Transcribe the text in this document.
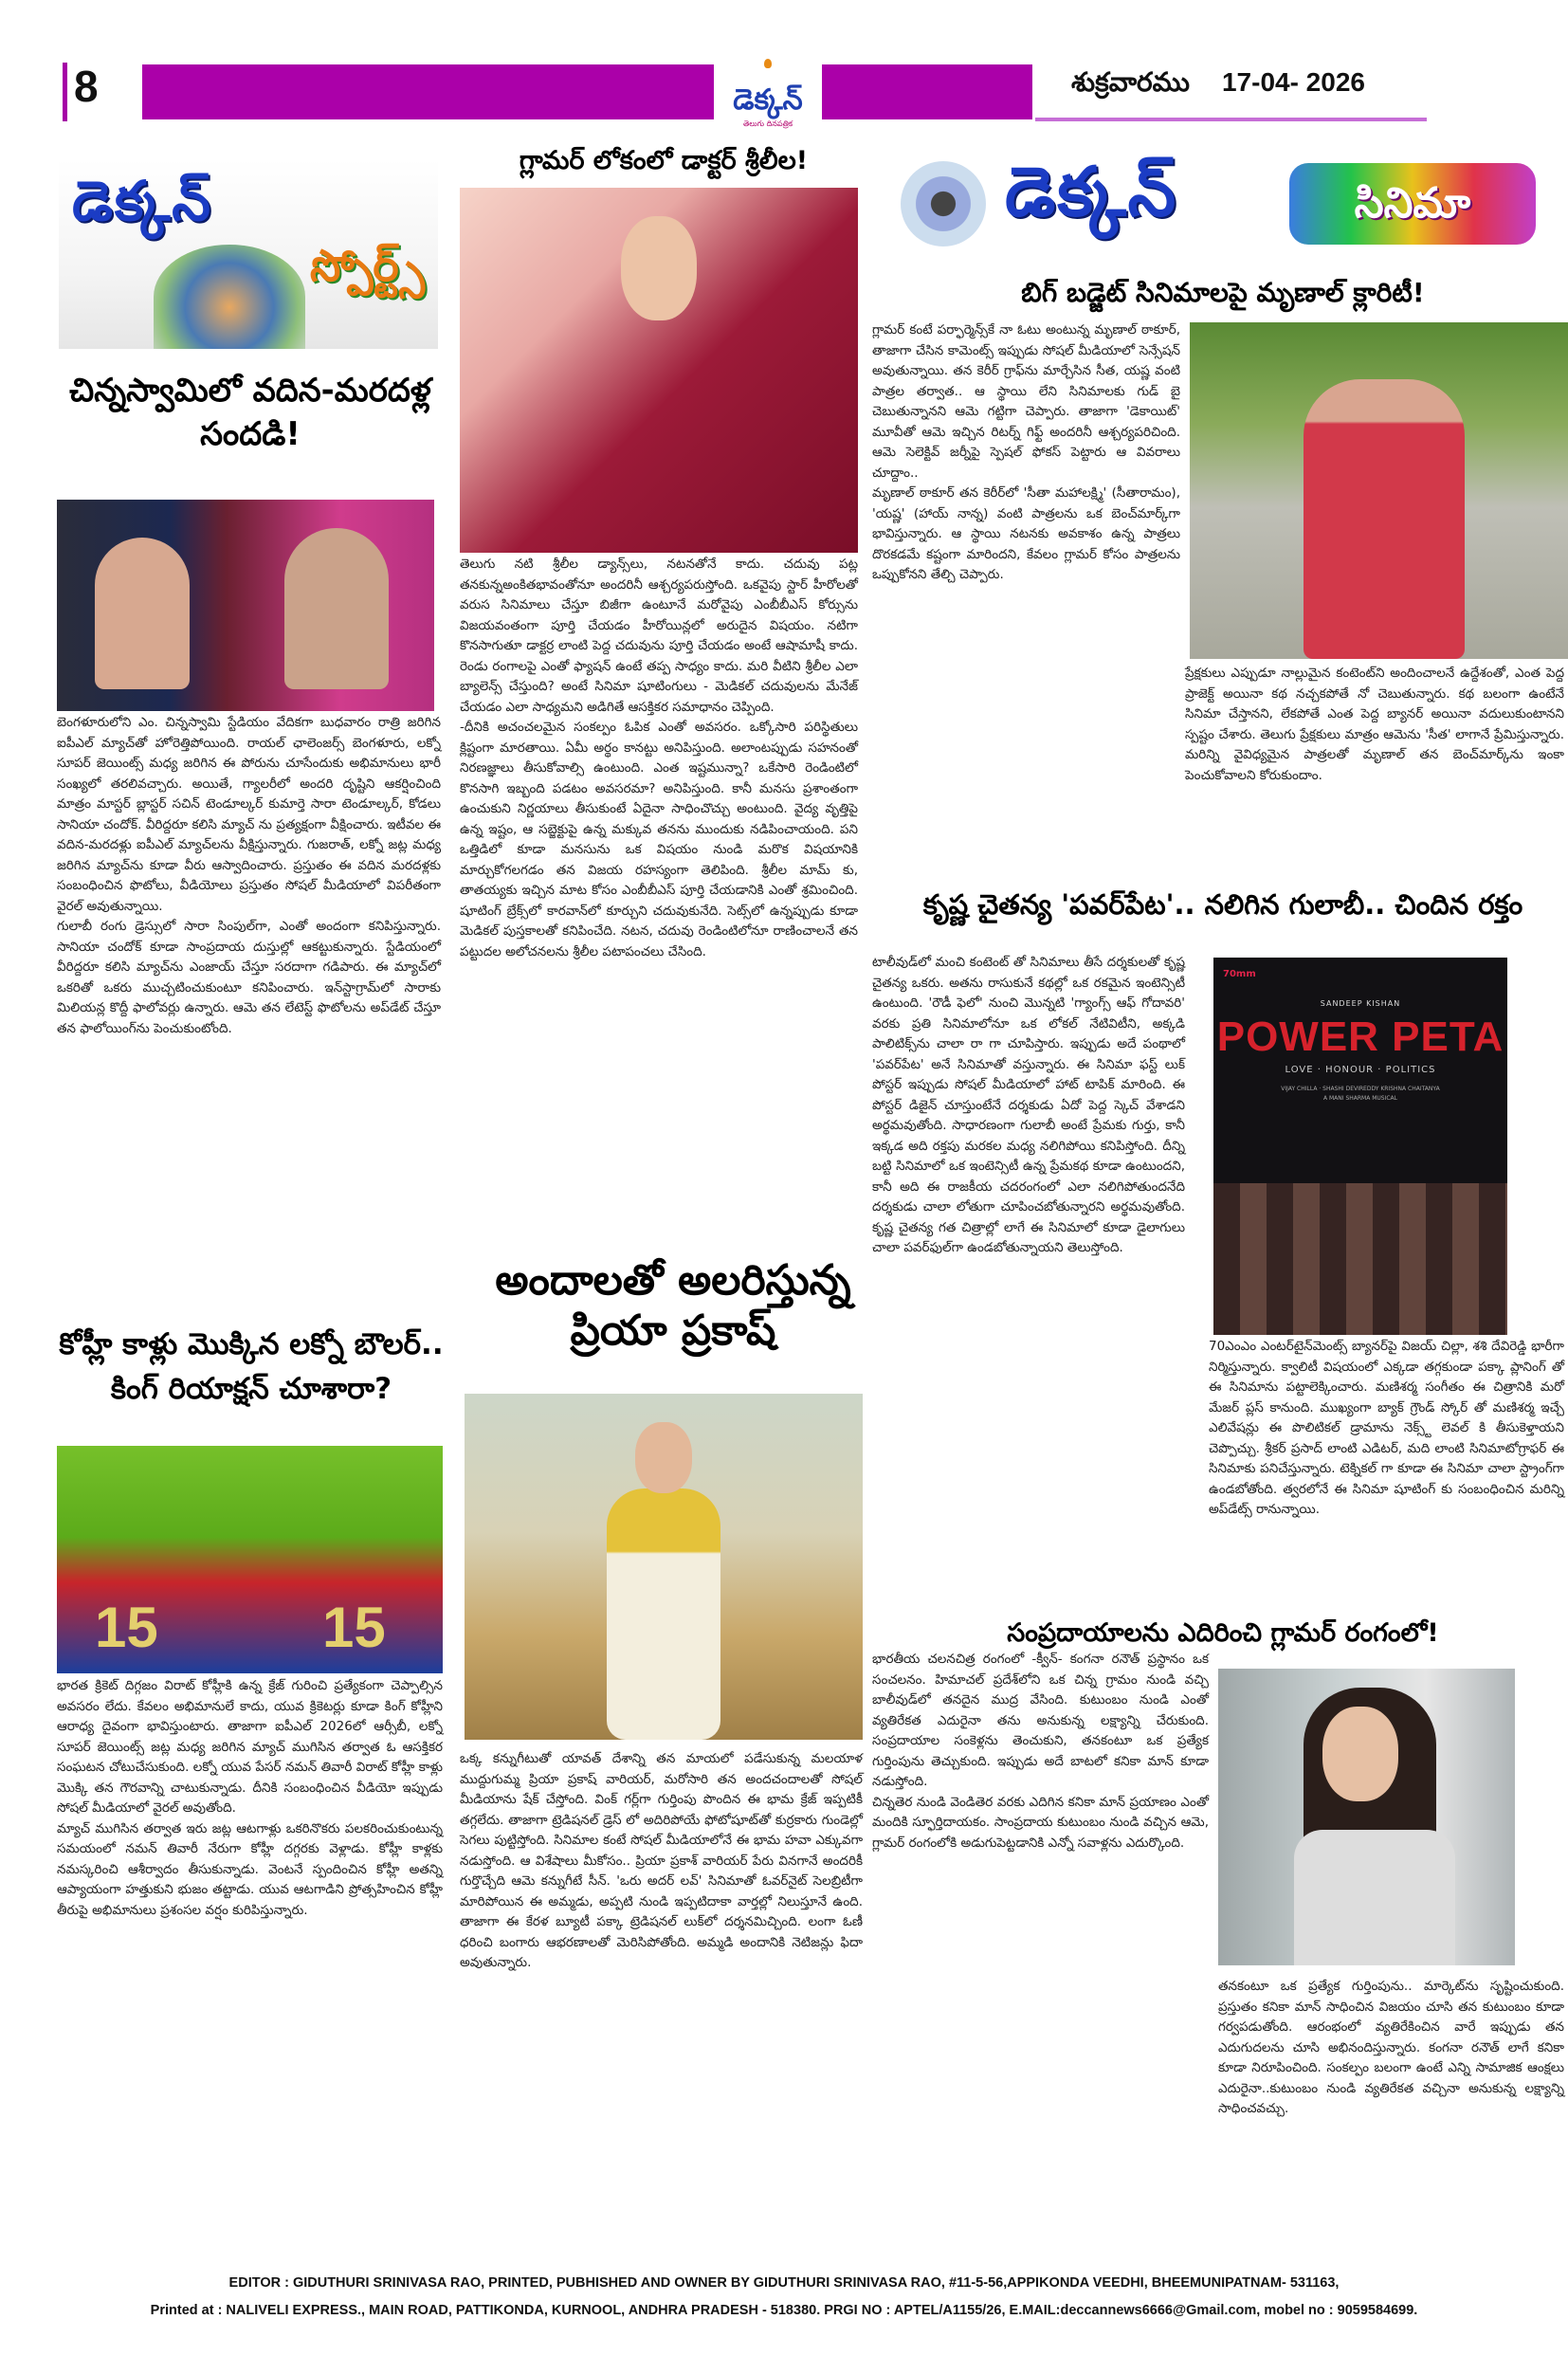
8	డెక్కన్
తెలుగు దినపత్రిక
శుక్రవారము 17-04- 2026
డెక్కన్
స్పోర్ట్స్
చిన్నస్వామిలో వదిన-మరదళ్ల సందడి!

బెంగళూరులోని ఎం. చిన్నస్వామి స్టేడియం వేదికగా బుధవారం రాత్రి జరిగిన ఐపీఎల్ మ్యాచ్‌తో హోరెత్తిపోయింది. రాయల్ ఛాలెంజర్స్ బెంగళూరు, లక్నో సూపర్ జెయింట్స్ మధ్య జరిగిన ఈ పోరును చూసేందుకు అభిమానులు భారీ సంఖ్యలో తరలివచ్చారు. అయితే, గ్యాలరీలో అందరి దృష్టిని ఆకర్షించింది మాత్రం మాస్టర్ బ్లాస్టర్ సచిన్ టెండూల్కర్ కుమార్తె సారా టెండూల్కర్, కోడలు సానియా చందోక్. వీరిద్దరూ కలిసి మ్యాచ్ ను ప్రత్యక్షంగా వీక్షించారు. ఇటీవల ఈ వదిన-మరదళ్లు ఐపీఎల్ మ్యాచ్‌లను వీక్షిస్తున్నారు. గుజరాత్, లక్నో జట్ల మధ్య జరిగిన మ్యాచ్‌ను కూడా వీరు ఆస్వాదించారు. ప్రస్తుతం ఈ వదిన మరదళ్లకు సంబంధించిన ఫొటోలు, వీడియోలు ప్రస్తుతం సోషల్ మీడియాలో విపరీతంగా వైరల్ అవుతున్నాయి.

గులాబీ రంగు డ్రెస్సులో సారా సింపుల్‌గా, ఎంతో అందంగా కనిపిస్తున్నారు. సానియా చందోక్ కూడా సాంప్రదాయ దుస్తుల్లో ఆకట్టుకున్నారు. స్టేడియంలో వీరిద్దరూ కలిసి మ్యాచ్‌ను ఎంజాయ్ చేస్తూ సరదాగా గడిపారు. ఈ మ్యాచ్‌లో ఒకరితో ఒకరు ముచ్చటించుకుంటూ కనిపించారు. ఇన్‌స్టాగ్రామ్‌లో సారాకు మిలియన్ల కొద్దీ ఫాలోవర్లు ఉన్నారు. ఆమె తన లేటెస్ట్ ఫొటోలను అప్‌డేట్ చేస్తూ తన ఫాలోయింగ్‌ను పెంచుకుంటోంది.

కోహ్లీ కాళ్లు మొక్కిన లక్నో బౌలర్.. కింగ్ రియాక్షన్ చూశారా?
15	15

భారత క్రికెట్ దిగ్గజం విరాట్ కోహ్లీకి ఉన్న క్రేజ్ గురించి ప్రత్యేకంగా చెప్పాల్సిన అవసరం లేదు. కేవలం అభిమానులే కాదు, యువ క్రికెటర్లు కూడా కింగ్ కోహ్లీని ఆరాధ్య దైవంగా భావిస్తుంటారు. తాజాగా ఐపీఎల్ 2026లో ఆర్సీబీ, లక్నో సూపర్ జెయింట్స్ జట్ల మధ్య జరిగిన మ్యాచ్ ముగిసిన తర్వాత ఓ ఆసక్తికర సంఘటన చోటుచేసుకుంది. లక్నో యువ పేసర్ నమన్ తివారీ విరాట్ కోహ్లీ కాళ్లు మొక్కి తన గౌరవాన్ని చాటుకున్నాడు. దీనికి సంబంధించిన వీడియో ఇప్పుడు సోషల్ మీడియాలో వైరల్ అవుతోంది.

మ్యాచ్ ముగిసిన తర్వాత ఇరు జట్ల ఆటగాళ్లు ఒకరినొకరు పలకరించుకుంటున్న సమయంలో నమన్ తివారీ నేరుగా కోహ్లీ దగ్గరకు వెళ్లాడు. కోహ్లీ కాళ్లకు నమస్కరించి ఆశీర్వాదం తీసుకున్నాడు. వెంటనే స్పందించిన కోహ్లీ అతన్ని ఆప్యాయంగా హత్తుకుని భుజం తట్టాడు. యువ ఆటగాడిని ప్రోత్సహించిన కోహ్లీ తీరుపై అభిమానులు ప్రశంసల వర్షం కురిపిస్తున్నారు.

గ్లామర్ లోకంలో డాక్టర్ శ్రీలీల!

తెలుగు నటి శ్రీలీల డ్యాన్స్‌లు, నటనతోనే కాదు. చదువు పట్ల తనకున్నఅంకితభావంతోనూ అందరినీ ఆశ్చర్యపరుస్తోంది. ఒకవైపు స్టార్ హీరోలతో వరుస సినిమాలు చేస్తూ బిజీగా ఉంటూనే మరోవైపు ఎంబీబీఎస్ కోర్సును విజయవంతంగా పూర్తి చేయడం హీరోయిన్లలో అరుదైన విషయం. నటిగా కొనసాగుతూ డాక్టర్ర లాంటి పెద్ద చదువును పూర్తి చేయడం అంటే ఆషామాషీ కాదు. రెండు రంగాలపై ఎంతో ఫ్యాషన్ ఉంటే తప్ప సాధ్యం కాదు. మరి వీటిని శ్రీలీల ఎలా బ్యాలెన్స్ చేస్తుంది? అంటే సినిమా షూటింగులు - మెడికల్ చదువులను మేనేజ్ చేయడం ఎలా సాధ్యమని అడిగితే ఆసక్తికర సమాధానం చెప్పింది.

-దీనికి అచంచలమైన సంకల్పం ఓపిక ఎంతో అవసరం. ఒక్కోసారి పరిస్థితులు క్లిష్టంగా మారతాయి. ఏమీ అర్థం కానట్టు అనిపిస్తుంది. అలాంటప్పుడు సహనంతో నిరణజ్ఞాలు తీసుకోవాల్సి ఉంటుంది. ఎంత ఇష్టమున్నా? ఒకేసారి రెండింటిలో కొనసాగి ఇబ్బంది పడటం అవసరమా? అనిపిస్తుంది. కానీ మనసు ప్రశాంతంగా ఉంచుకుని నిర్ణయాలు తీసుకుంటే ఏదైనా సాధించొచ్చు అంటుంది. వైద్య వృత్తిపై ఉన్న ఇష్టం, ఆ సబ్జెక్టుపై ఉన్న మక్కువ తనను ముందుకు నడిపించాయంది. పని ఒత్తిడిలో కూడా మనసును ఒక విషయం నుండి మరొక విషయానికి మార్చుకోగలగడం తన విజయ రహస్యంగా తెలిపింది. శ్రీలీల మామ్ కు, తాతయ్యకు ఇచ్చిన మాట కోసం ఎంబీబీఎస్ పూర్తి చేయడానికి ఎంతో శ్రమించింది. షూటింగ్ బ్రేక్స్‌లో కారవాన్‌లో కూర్చుని చదువుకునేది. సెట్స్‌లో ఉన్నప్పుడు కూడా మెడికల్ పుస్తకాలతో కనిపించేది. నటన, చదువు రెండింటిలోనూ రాణించాలనే తన పట్టుదల అలోచనలను శ్రీలీల పటాపంచలు చేసింది.

అందాలతో అలరిస్తున్న ప్రియా ప్రకాష్

ఒక్క కన్నుగీటుతో యావత్ దేశాన్ని తన మాయలో పడేసుకున్న మలయాళ ముద్దుగుమ్మ ప్రియా ప్రకాష్ వారియర్, మరోసారి తన అందచందాలతో సోషల్ మీడియాను షేక్ చేస్తోంది. వింక్ గర్ల్‌గా గుర్తింపు పొందిన ఈ భామ క్రేజ్ ఇప్పటికీ తగ్గలేదు. తాజాగా ట్రెడిషనల్ డ్రెస్ లో అదిరిపోయే ఫోటోషూట్‌తో కుర్రకారు గుండెల్లో సెగలు పుట్టిస్తోంది. సినిమాల కంటే సోషల్ మీడియాలోనే ఈ భామ హవా ఎక్కువగా నడుస్తోంది. ఆ విశేషాలు మీకోసం.. ప్రియా ప్రకాశ్ వారియర్ పేరు వినగానే అందరికీ గుర్తొచ్చేది ఆమె కన్నుగీటే సీన్. 'ఒరు అదర్ లవ్' సినిమాతో ఓవర్‌నైట్ సెలబ్రిటీగా మారిపోయిన ఈ అమ్మడు, అప్పటి నుండి ఇప్పటిదాకా వార్తల్లో నిలుస్తూనే ఉంది. తాజాగా ఈ కేరళ బ్యూటీ పక్కా ట్రెడిషనల్ లుక్‌లో దర్శనమిచ్చింది. లంగా ఓణీ ధరించి బంగారు ఆభరణాలతో మెరిసిపోతోంది. అమ్మడి అందానికి నెటిజన్లు ఫిదా అవుతున్నారు.

డెక్కన్	సినిమా
బిగ్ బడ్జెట్ సినిమాలపై మృణాల్ క్లారిటీ!

గ్లామర్ కంటే పర్ఫార్మెన్స్‌కే నా ఓటు అంటున్న మృణాల్ ఠాకూర్, తాజాగా చేసిన కామెంట్స్ ఇప్పుడు సోషల్ మీడియాలో సెన్సేషన్ అవుతున్నాయి. తన కెరీర్ గ్రాఫ్‌ను మార్చేసిన సీత, యష్ణ వంటి పాత్రల తర్వాత.. ఆ స్థాయి లేని సినిమాలకు గుడ్ బై చెబుతున్నానని ఆమె గట్టిగా చెప్పారు. తాజాగా 'డెకాయిట్' మూవీతో ఆమె ఇచ్చిన రిటర్న్ గిఫ్ట్ అందరినీ ఆశ్చర్యపరిచింది. ఆమె సెలెక్టివ్ జర్నీపై స్పెషల్ ఫోకస్ పెట్టారు ఆ వివరాలు చూద్దాం..

మృణాల్ ఠాకూర్ తన కెరీర్‌లో 'సీతా మహాలక్ష్మి' (సీతారామం), 'యష్ణ' (హాయ్ నాన్న) వంటి పాత్రలను ఒక బెంచ్‌మార్క్‌గా భావిస్తున్నారు. ఆ స్థాయి నటనకు అవకాశం ఉన్న పాత్రలు దొరకడమే కష్టంగా మారిందని, కేవలం గ్లామర్ కోసం పాత్రలను ఒప్పుకోనని తేల్చి చెప్పారు.

ప్రేక్షకులు ఎప్పుడూ నాల్లుమైన కంటెంట్‌ని అందించాలనే ఉద్దేశంతో, ఎంత పెద్ద ప్రాజెక్ట్ అయినా కథ నచ్చకపోతే నో చెబుతున్నారు. కథ బలంగా ఉంటేనే సినిమా చేస్తానని, లేకపోతే ఎంత పెద్ద బ్యానర్ అయినా వదులుకుంటానని స్పష్టం చేశారు. తెలుగు ప్రేక్షకులు మాత్రం ఆమెను 'సీత' లాగానే ప్రేమిస్తున్నారు. మరిన్ని వైవిధ్యమైన పాత్రలతో మృణాల్ తన బెంచ్‌మార్క్‌ను ఇంకా పెంచుకోవాలని కోరుకుందాం.

కృష్ణ చైతన్య 'పవర్‌పేట'.. నలిగిన గులాబీ.. చిందిన రక్తం

టాలీవుడ్‌లో మంచి కంటెంట్ తో సినిమాలు తీసే దర్శకులతో కృష్ణ చైతన్య ఒకరు. అతను రాసుకునే కథల్లో ఒక రకమైన ఇంటెన్సిటీ ఉంటుంది. 'రౌడీ ఫెలో' నుంచి మొన్నటి 'గ్యాంగ్స్ ఆఫ్ గోదావరి' వరకు ప్రతి సినిమాలోనూ ఒక లోకల్ నేటివిటీని, అక్కడి పాలిటిక్స్‌ను చాలా రా గా చూపిస్తారు. ఇప్పుడు అదే పంథాలో 'పవర్‌పేట' అనే సినిమాతో వస్తున్నారు. ఈ సినిమా ఫస్ట్ లుక్ పోస్టర్ ఇప్పుడు సోషల్ మీడియాలో హాట్ టాపిక్ మారింది. ఈ పోస్టర్ డిజైన్ చూస్తుంటేనే దర్శకుడు ఏదో పెద్ద స్కెచ్ వేశాడని అర్థమవుతోంది. సాధారణంగా గులాబీ అంటే ప్రేమకు గుర్తు, కానీ ఇక్కడ అది రక్తపు మరకల మధ్య నలిగిపోయి కనిపిస్తోంది. దీన్ని బట్టి సినిమాలో ఒక ఇంటెన్సిటీ ఉన్న ప్రేమకథ కూడా ఉంటుందని, కానీ అది ఈ రాజకీయ చదరంగంలో ఎలా నలిగిపోతుందనేది దర్శకుడు చాలా లోతుగా చూపించబోతున్నారని అర్థమవుతోంది. కృష్ణ చైతన్య గత చిత్రాల్లో లాగే ఈ సినిమాలో కూడా డైలాగులు చాలా పవర్‌ఫుల్‌గా ఉండబోతున్నాయని తెలుస్తోంది.

70mm
SANDEEP KISHAN
POWER PETA
LOVE · HONOUR · POLITICS
VIJAY CHILLA · SHASHI DEVIREDDY KRISHNA CHAITANYA
A MANI SHARMA MUSICAL

70ఎంఎం ఎంటర్‌టైన్‌మెంట్స్ బ్యానర్‌పై విజయ్ చిల్లా, శశి దేవిరెడ్డి భారీగా నిర్మిస్తున్నారు. క్వాలిటీ విషయంలో ఎక్కడా తగ్గకుండా పక్కా ప్లానింగ్ తో ఈ సినిమాను పట్టాలెక్కించారు. మణిశర్మ సంగీతం ఈ చిత్రానికి మరో మేజర్ ప్లస్ కానుంది. ముఖ్యంగా బ్యాక్ గ్రౌండ్ స్కోర్ తో మణిశర్మ ఇచ్చే ఎలివేషన్లు ఈ పొలిటికల్ డ్రామాను నెక్స్ట్ లెవల్ కి తీసుకెళ్తాయని చెప్పొచ్చు. శ్రీకర్ ప్రసాద్ లాంటి ఎడిటర్, మది లాంటి సినిమాటోగ్రాఫర్ ఈ సినిమాకు పనిచేస్తున్నారు. టెక్నికల్ గా కూడా ఈ సినిమా చాలా స్ట్రాంగ్‌గా ఉండబోతోంది. త్వరలోనే ఈ సినిమా షూటింగ్ కు సంబంధించిన మరిన్ని అప్‌డేట్స్ రానున్నాయి.

సంప్రదాయాలను ఎదిరించి గ్లామర్ రంగంలో!

భారతీయ చలనచిత్ర రంగంలో -క్వీన్- కంగనా రనౌత్ ప్రస్థానం ఒక సంచలనం. హిమాచల్ ప్రదేశ్‌లోని ఒక చిన్న గ్రామం నుండి వచ్చి బాలీవుడ్‌లో తనదైన ముద్ర వేసింది. కుటుంబం నుండి ఎంతో వ్యతిరేకత ఎదురైనా తను అనుకున్న లక్ష్యాన్ని చేరుకుంది. సంప్రదాయాల సంకెళ్లను తెంచుకుని, తనకంటూ ఒక ప్రత్యేక గుర్తింపును తెచ్చుకుంది. ఇప్పుడు అదే బాటలో కనికా మాన్ కూడా నడుస్తోంది.

చిన్నతెర నుండి వెండితెర వరకు ఎదిగిన కనికా మాన్ ప్రయాణం ఎంతో మందికి స్ఫూర్తిదాయకం. సాంప్రదాయ కుటుంబం నుండి వచ్చిన ఆమె, గ్లామర్ రంగంలోకి అడుగుపెట్టడానికి ఎన్నో సవాళ్లను ఎదుర్కొంది.

తనకంటూ ఒక ప్రత్యేక గుర్తింపును.. మార్కెట్‌ను సృష్టించుకుంది. ప్రస్తుతం కనికా మాన్ సాధించిన విజయం చూసి తన కుటుంబం కూడా గర్వపడుతోంది. ఆరంభంలో వ్యతిరేకించిన వారే ఇప్పుడు తన ఎదుగుదలను చూసి అభినందిస్తున్నారు. కంగనా రనౌత్ లాగే కనికా కూడా నిరూపించింది. సంకల్పం బలంగా ఉంటే ఎన్ని సామాజిక ఆంక్షలు ఎదురైనా..కుటుంబం నుండి వ్యతిరేకత వచ్చినా అనుకున్న లక్ష్యాన్ని సాధించవచ్చు.

EDITOR : GIDUTHURI SRINIVASA RAO, PRINTED, PUBHISHED AND OWNER BY GIDUTHURI SRINIVASA RAO, #11-5-56,APPIKONDA VEEDHI, BHEEMUNIPATNAM- 531163,
Printed at : NALIVELI EXPRESS., MAIN ROAD, PATTIKONDA, KURNOOL, ANDHRA PRADESH - 518380. PRGI NO : APTEL/A1155/26, E.MAIL:deccannews6666@Gmail.com, mobel no : 9059584699.
